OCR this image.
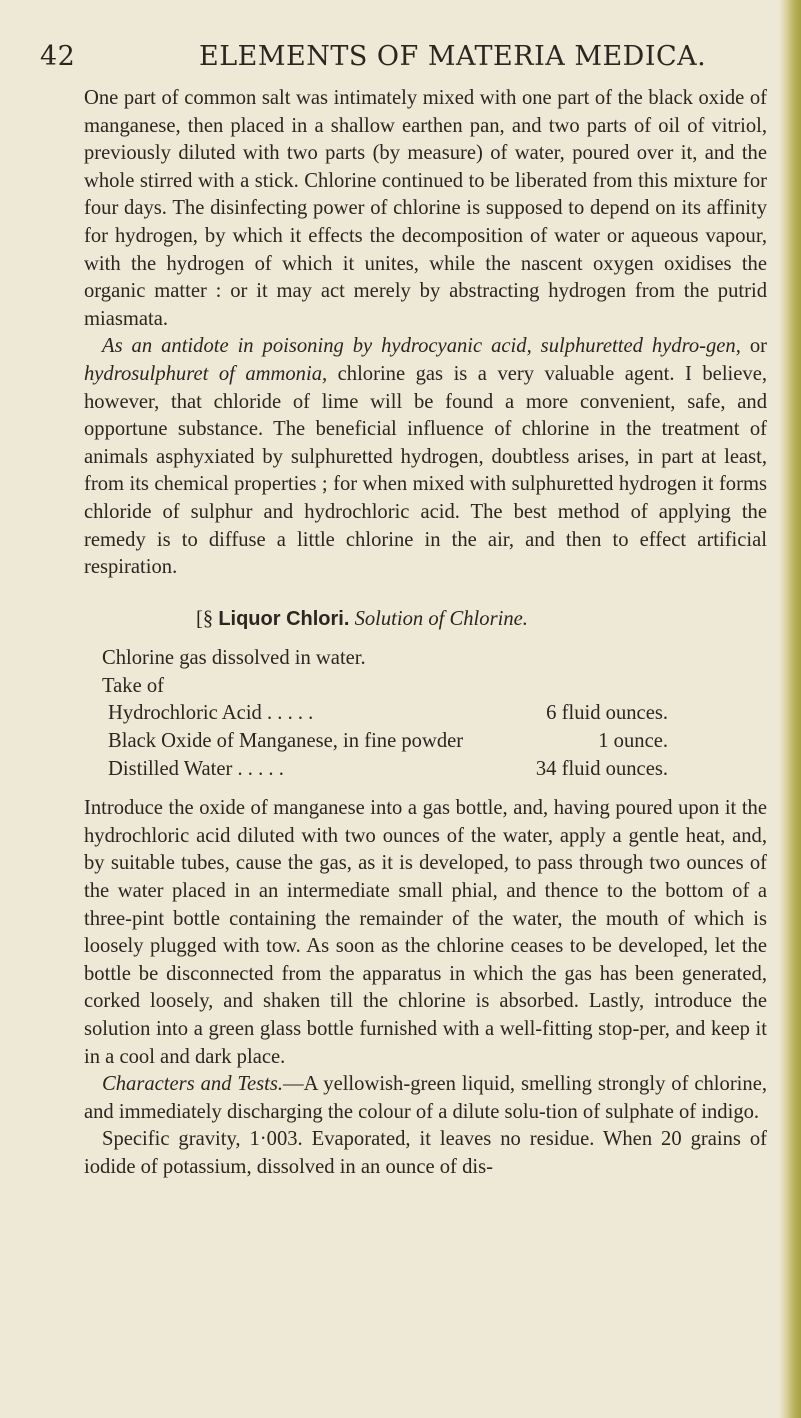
42	ELEMENTS OF MATERIA MEDICA.

One part of common salt was intimately mixed with one part of the black oxide of manganese, then placed in a shallow earthen pan, and two parts of oil of vitriol, previously diluted with two parts (by measure) of water, poured over it, and the whole stirred with a stick. Chlorine continued to be liberated from this mixture for four days. The disinfecting power of chlorine is supposed to depend on its affinity for hydrogen, by which it effects the decomposition of water or aqueous vapour, with the hydrogen of which it unites, while the nascent oxygen oxidises the organic matter : or it may act merely by abstracting hydrogen from the putrid miasmata.

As an antidote in poisoning by hydrocyanic acid, sulphuretted hydro-gen, or hydrosulphuret of ammonia, chlorine gas is a very valuable agent. I believe, however, that chloride of lime will be found a more convenient, safe, and opportune substance. The beneficial influence of chlorine in the treatment of animals asphyxiated by sulphuretted hydrogen, doubtless arises, in part at least, from its chemical properties ; for when mixed with sulphuretted hydrogen it forms chloride of sulphur and hydrochloric acid. The best method of applying the remedy is to diffuse a little chlorine in the air, and then to effect artificial respiration.

[§ Liquor Chlori. Solution of Chlorine.
Chlorine gas dissolved in water.
Take of
Hydrochloric Acid . . . . .	6 fluid ounces.
Black Oxide of Manganese, in fine powder	1 ounce.
Distilled Water . . . . .	34 fluid ounces.

Introduce the oxide of manganese into a gas bottle, and, having poured upon it the hydrochloric acid diluted with two ounces of the water, apply a gentle heat, and, by suitable tubes, cause the gas, as it is developed, to pass through two ounces of the water placed in an intermediate small phial, and thence to the bottom of a three-pint bottle containing the remainder of the water, the mouth of which is loosely plugged with tow. As soon as the chlorine ceases to be developed, let the bottle be disconnected from the apparatus in which the gas has been generated, corked loosely, and shaken till the chlorine is absorbed. Lastly, introduce the solution into a green glass bottle furnished with a well-fitting stop-per, and keep it in a cool and dark place.

Characters and Tests.—A yellowish-green liquid, smelling strongly of chlorine, and immediately discharging the colour of a dilute solu-tion of sulphate of indigo.

Specific gravity, 1·003. Evaporated, it leaves no residue. When 20 grains of iodide of potassium, dissolved in an ounce of dis-
